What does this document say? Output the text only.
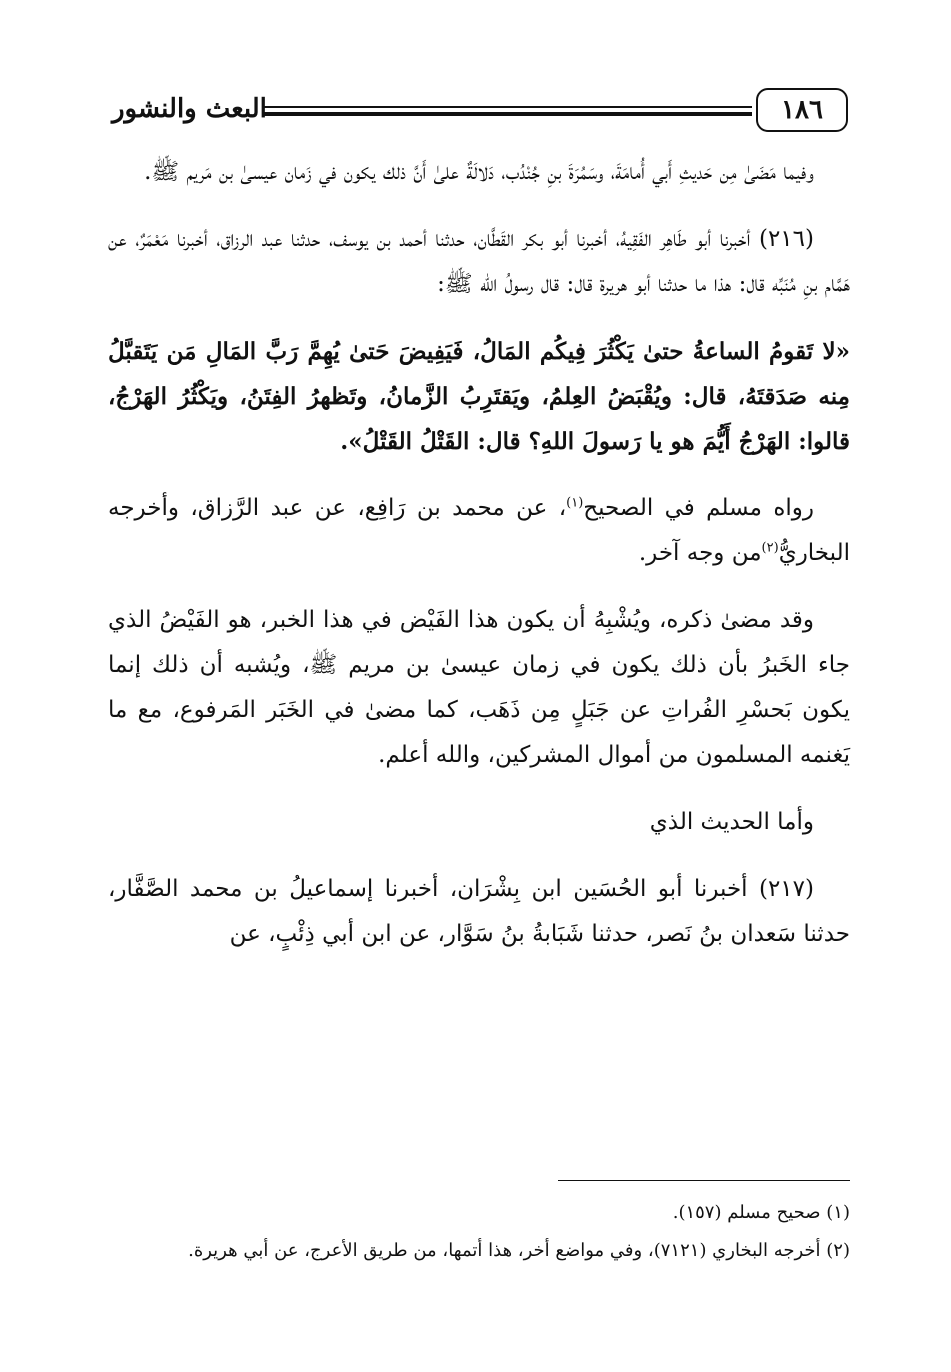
البعث والنشور	١٨٦

وفيما مَضَىٰ مِن حَديثِ أَبي أُمامَةَ، وسَمُرَةَ بنِ جُنْدُب، دَلالَةٌ علىٰ أَنَّ ذلك يكون في زَمان عيسىٰ بن مَريم ﷺ.

(٢١٦) أخبرنا أبو طَاهِر الفَقِيهُ، أخبرنا أبو بكر القَطَّان، حدثنا أحمد بن يوسف، حدثنا عبد الرزاق، أخبرنا مَعْمَرٌ، عن هَمَّام بنِ مُنَبِّه قال: هذا ما حدثنا أبو هريرة قال: قال رسولُ الله ﷺ:

«لا تَقومُ الساعةُ حتىٰ يَكْثُرَ فِيكُم المَالُ، فَيَفِيضَ حَتىٰ يُهِمَّ رَبَّ المَالِ مَن يَتَقبَّلُ مِنه صَدَقتَهُ، قال: ويُقْبَضُ العِلمُ، ويَقتَرِبُ الزَّمانُ، وتَظهرُ الفِتَنُ، ويَكْثُرُ الهَرْجُ، قالوا: الهَرْجُ أَيُّمَ هو يا رَسولَ اللهِ؟ قال: القَتْلُ القَتْلُ».

رواه مسلم في الصحيح$^{(١)}$، عن محمد بن رَافِع، عن عبد الرَّزاق، وأخرجه البخاريُّ$^{(٢)}$من وجه آخر.

وقد مضىٰ ذكره، ويُشْبِهُ أن يكون هذا الفَيْض في هذا الخبر، هو الفَيْضُ الذي جاء الخَبرُ بأن ذلك يكون في زمان عيسىٰ بن مريم ﷺ، ويُشبه أن ذلك إنما يكون بَحسْرِ الفُراتِ عن جَبَلٍ مِن ذَهَب، كما مضىٰ في الخَبَر المَرفوع، مع ما يَغنمه المسلمون من أموال المشركين، والله أعلم.

وأما الحديث الذي

(٢١٧) أخبرنا أبو الحُسَين ابن بِشْرَان، أخبرنا إسماعيلُ بن محمد الصَّفَّار، حدثنا سَعدان بنُ نَصر، حدثنا شَبَابةُ بنُ سَوَّار، عن ابن أبي ذِئْبٍ، عن

(١) صحيح مسلم (١٥٧).

(٢) أخرجه البخاري (٧١٢١)، وفي مواضع أخر، هذا أتمها، من طريق الأعرج، عن أبي هريرة.
